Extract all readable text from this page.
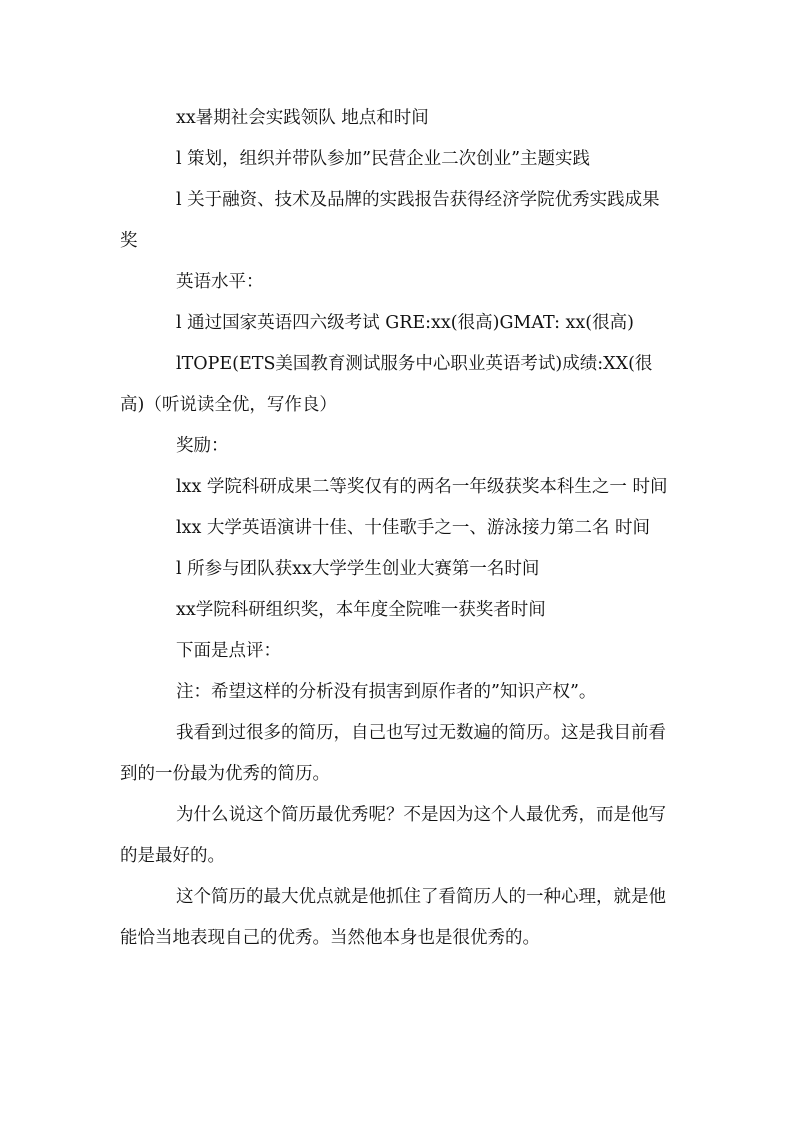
xx暑期社会实践领队 地点和时间

l 策划，组织并带队参加”民营企业二次创业”主题实践

l 关于融资、技术及品牌的实践报告获得经济学院优秀实践成果奖

英语水平：

l 通过国家英语四六级考试 GRE:xx(很高)GMAT: xx(很高)

lTOPE(ETS美国教育测试服务中心职业英语考试)成绩:XX(很高)（听说读全优，写作良）

奖励：

lxx 学院科研成果二等奖仅有的两名一年级获奖本科生之一 时间

lxx 大学英语演讲十佳、十佳歌手之一、游泳接力第二名 时间

l 所参与团队获xx大学学生创业大赛第一名时间

xx学院科研组织奖，本年度全院唯一获奖者时间

下面是点评：

注：希望这样的分析没有损害到原作者的”知识产权”。

我看到过很多的简历，自己也写过无数遍的简历。这是我目前看到的一份最为优秀的简历。

为什么说这个简历最优秀呢？不是因为这个人最优秀，而是他写的是最好的。

这个简历的最大优点就是他抓住了看简历人的一种心理，就是他能恰当地表现自己的优秀。当然他本身也是很优秀的。
